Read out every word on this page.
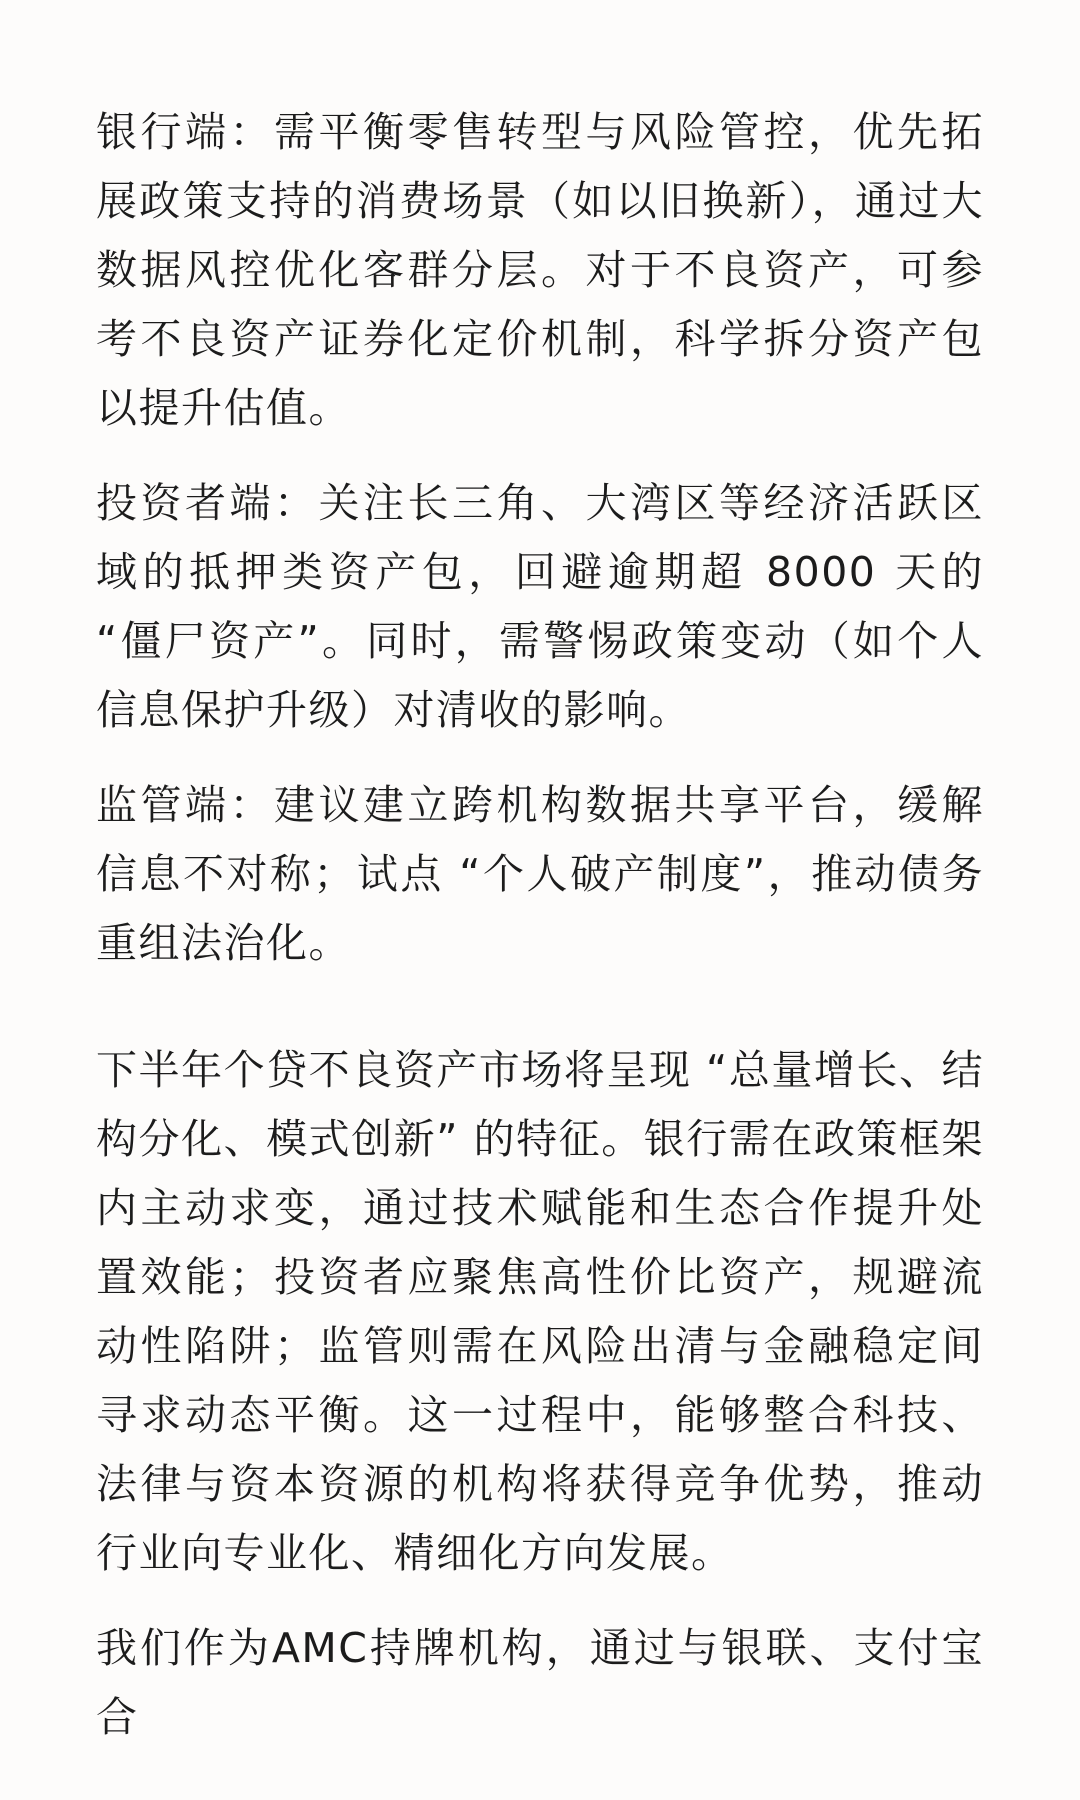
银行端：需平衡零售转型与风险管控，优先拓展政策支持的消费场景（如以旧换新），通过大数据风控优化客群分层。对于不良资产，可参考不良资产证券化定价机制，科学拆分资产包以提升估值。

投资者端：关注长三角、大湾区等经济活跃区域的抵押类资产包，回避逾期超 8000 天的 “僵尸资产”。同时，需警惕政策变动（如个人信息保护升级）对清收的影响。

监管端：建议建立跨机构数据共享平台，缓解信息不对称；试点 “个人破产制度”，推动债务重组法治化。

下半年个贷不良资产市场将呈现 “总量增长、结构分化、模式创新” 的特征。银行需在政策框架内主动求变，通过技术赋能和生态合作提升处置效能；投资者应聚焦高性价比资产，规避流动性陷阱；监管则需在风险出清与金融稳定间寻求动态平衡。这一过程中，能够整合科技、法律与资本资源的机构将获得竞争优势，推动行业向专业化、精细化方向发展。

我们作为AMC持牌机构，通过与银联、支付宝合
